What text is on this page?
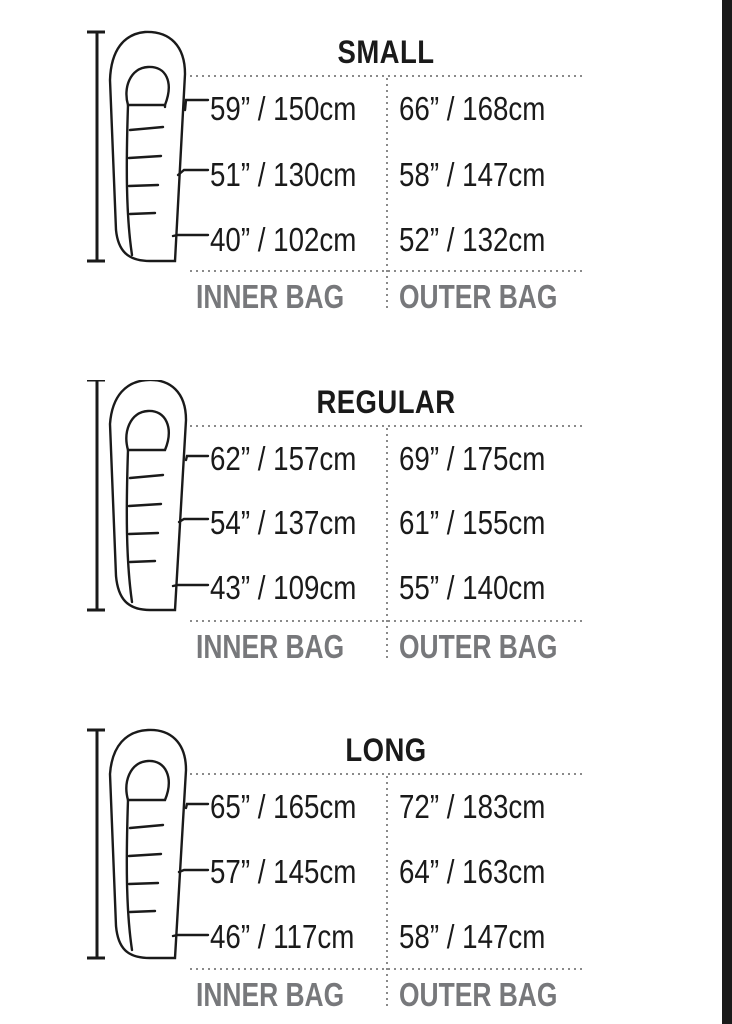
SMALL
59” / 150cm 66” / 168cm
51” / 130cm 58” / 147cm
40” / 102cm 52” / 132cm
INNER BAG OUTER BAG
REGULAR
62” / 157cm 69” / 175cm
54” / 137cm 61” / 155cm
43” / 109cm 55” / 140cm
INNER BAG OUTER BAG
LONG
65” / 165cm 72” / 183cm
57” / 145cm 64” / 163cm
46” / 117cm 58” / 147cm
INNER BAG OUTER BAG
